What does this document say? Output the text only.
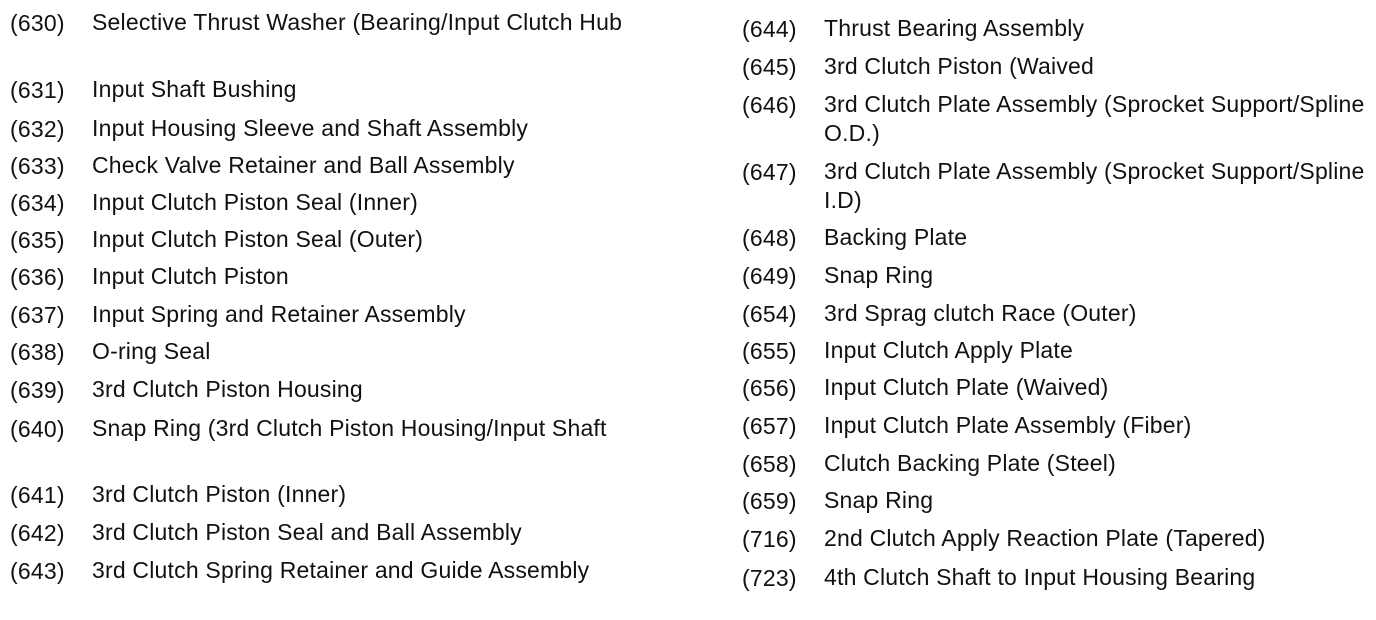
(630)	Selective Thrust Washer (Bearing/Input Clutch Hub
(631)	Input Shaft Bushing
(632)	Input Housing Sleeve and Shaft Assembly
(633)	Check Valve Retainer and Ball Assembly
(634)	Input Clutch Piston Seal (Inner)
(635)	Input Clutch Piston Seal (Outer)
(636)	Input Clutch Piston
(637)	Input Spring and Retainer Assembly
(638)	O-ring Seal
(639)	3rd Clutch Piston Housing
(640)	Snap Ring (3rd Clutch Piston Housing/Input Shaft
(641)	3rd Clutch Piston (Inner)
(642)	3rd Clutch Piston Seal and Ball Assembly
(643)	3rd Clutch Spring Retainer and Guide Assembly
(644)	Thrust Bearing Assembly
(645)	3rd Clutch Piston (Waived
(646)	3rd Clutch Plate Assembly (Sprocket Support/Spline O.D.)
(647)	3rd Clutch Plate Assembly (Sprocket Support/Spline I.D)
(648)	Backing Plate
(649)	Snap Ring
(654)	3rd Sprag clutch Race (Outer)
(655)	Input Clutch Apply Plate
(656)	Input Clutch Plate (Waived)
(657)	Input Clutch Plate Assembly (Fiber)
(658)	Clutch Backing Plate (Steel)
(659)	Snap Ring
(716)	2nd Clutch Apply Reaction Plate (Tapered)
(723)	4th Clutch Shaft to Input Housing Bearing
